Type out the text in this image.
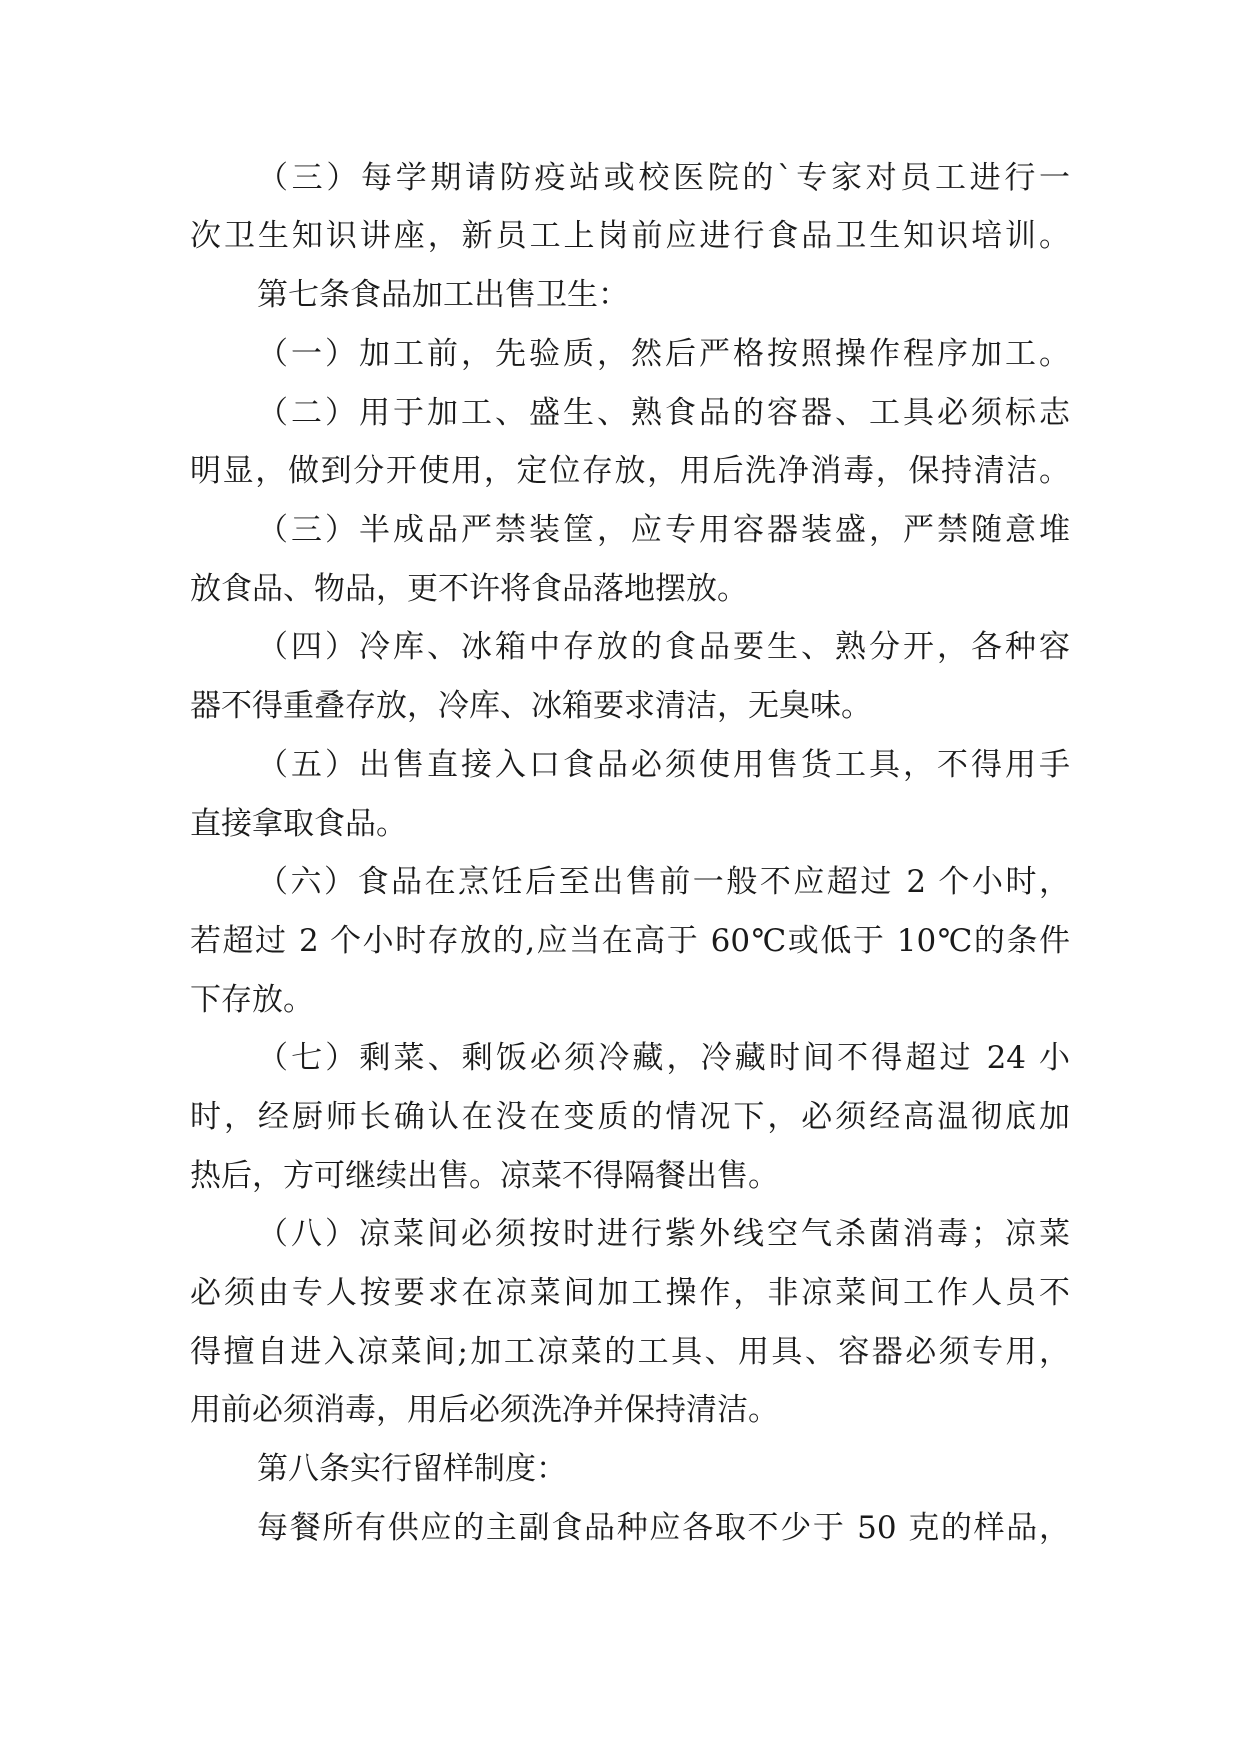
（三）每学期请防疫站或校医院的`专家对员工进行一
次卫生知识讲座，新员工上岗前应进行食品卫生知识培训。
第七条食品加工出售卫生：
（一）加工前，先验质，然后严格按照操作程序加工。
（二）用于加工、盛生、熟食品的容器、工具必须标志
明显，做到分开使用，定位存放，用后洗净消毒，保持清洁。
（三）半成品严禁装筐，应专用容器装盛，严禁随意堆
放食品、物品，更不许将食品落地摆放。
（四）冷库、冰箱中存放的食品要生、熟分开，各种容
器不得重叠存放，冷库、冰箱要求清洁，无臭味。
（五）出售直接入口食品必须使用售货工具，不得用手
直接拿取食品。
（六）食品在烹饪后至出售前一般不应超过 2 个小时，
若超过 2 个小时存放的,应当在高于 60℃或低于 10℃的条件
下存放。
（七）剩菜、剩饭必须冷藏，冷藏时间不得超过 24 小
时，经厨师长确认在没在变质的情况下，必须经高温彻底加
热后，方可继续出售。凉菜不得隔餐出售。
（八）凉菜间必须按时进行紫外线空气杀菌消毒；凉菜
必须由专人按要求在凉菜间加工操作，非凉菜间工作人员不
得擅自进入凉菜间;加工凉菜的工具、用具、容器必须专用，
用前必须消毒，用后必须洗净并保持清洁。
第八条实行留样制度：
每餐所有供应的主副食品种应各取不少于 50 克的样品，
